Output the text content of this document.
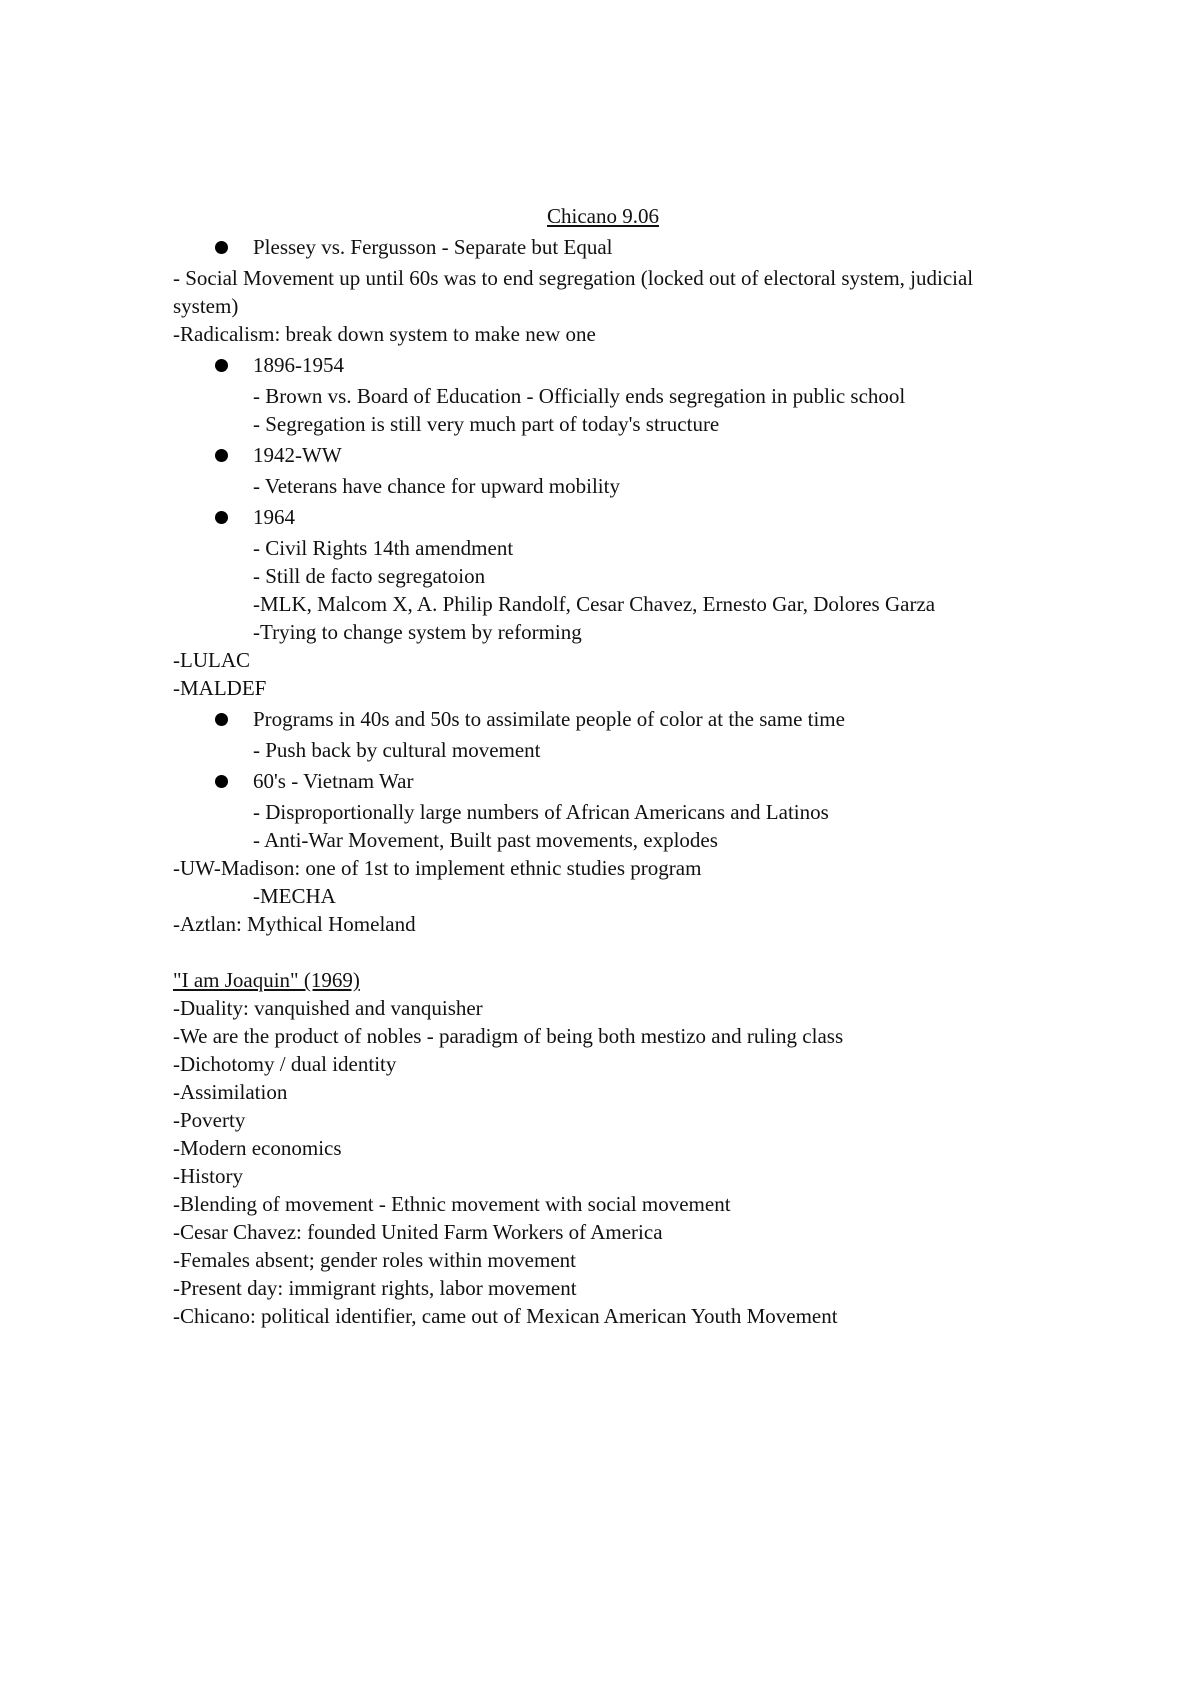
Chicano 9.06
Plessey vs. Fergusson - Separate but Equal
- Social Movement up until 60s was to end segregation (locked out of electoral system, judicial system)
-Radicalism: break down system to make new one
1896-1954
- Brown vs. Board of Education - Officially ends segregation in public school
- Segregation is still very much part of today's structure
1942-WW
- Veterans have chance for upward mobility
1964
- Civil Rights 14th amendment
- Still de facto segregatoion
-MLK, Malcom X, A. Philip Randolf, Cesar Chavez, Ernesto Gar, Dolores Garza
-Trying to change system by reforming
-LULAC
-MALDEF
Programs in 40s and 50s to assimilate people of color at the same time
- Push back by cultural movement
60's - Vietnam War
- Disproportionally large numbers of African Americans and Latinos
- Anti-War Movement, Built past movements, explodes
-UW-Madison: one of 1st to implement ethnic studies program
-MECHA
-Aztlan: Mythical Homeland
"I am Joaquin" (1969)
-Duality: vanquished and vanquisher
-We are the product of nobles - paradigm of being both mestizo and ruling class
-Dichotomy / dual identity
-Assimilation
-Poverty
-Modern economics
-History
-Blending of movement - Ethnic movement with social movement
-Cesar Chavez: founded United Farm Workers of America
-Females absent; gender roles within movement
-Present day: immigrant rights, labor movement
-Chicano: political identifier, came out of Mexican American Youth Movement
